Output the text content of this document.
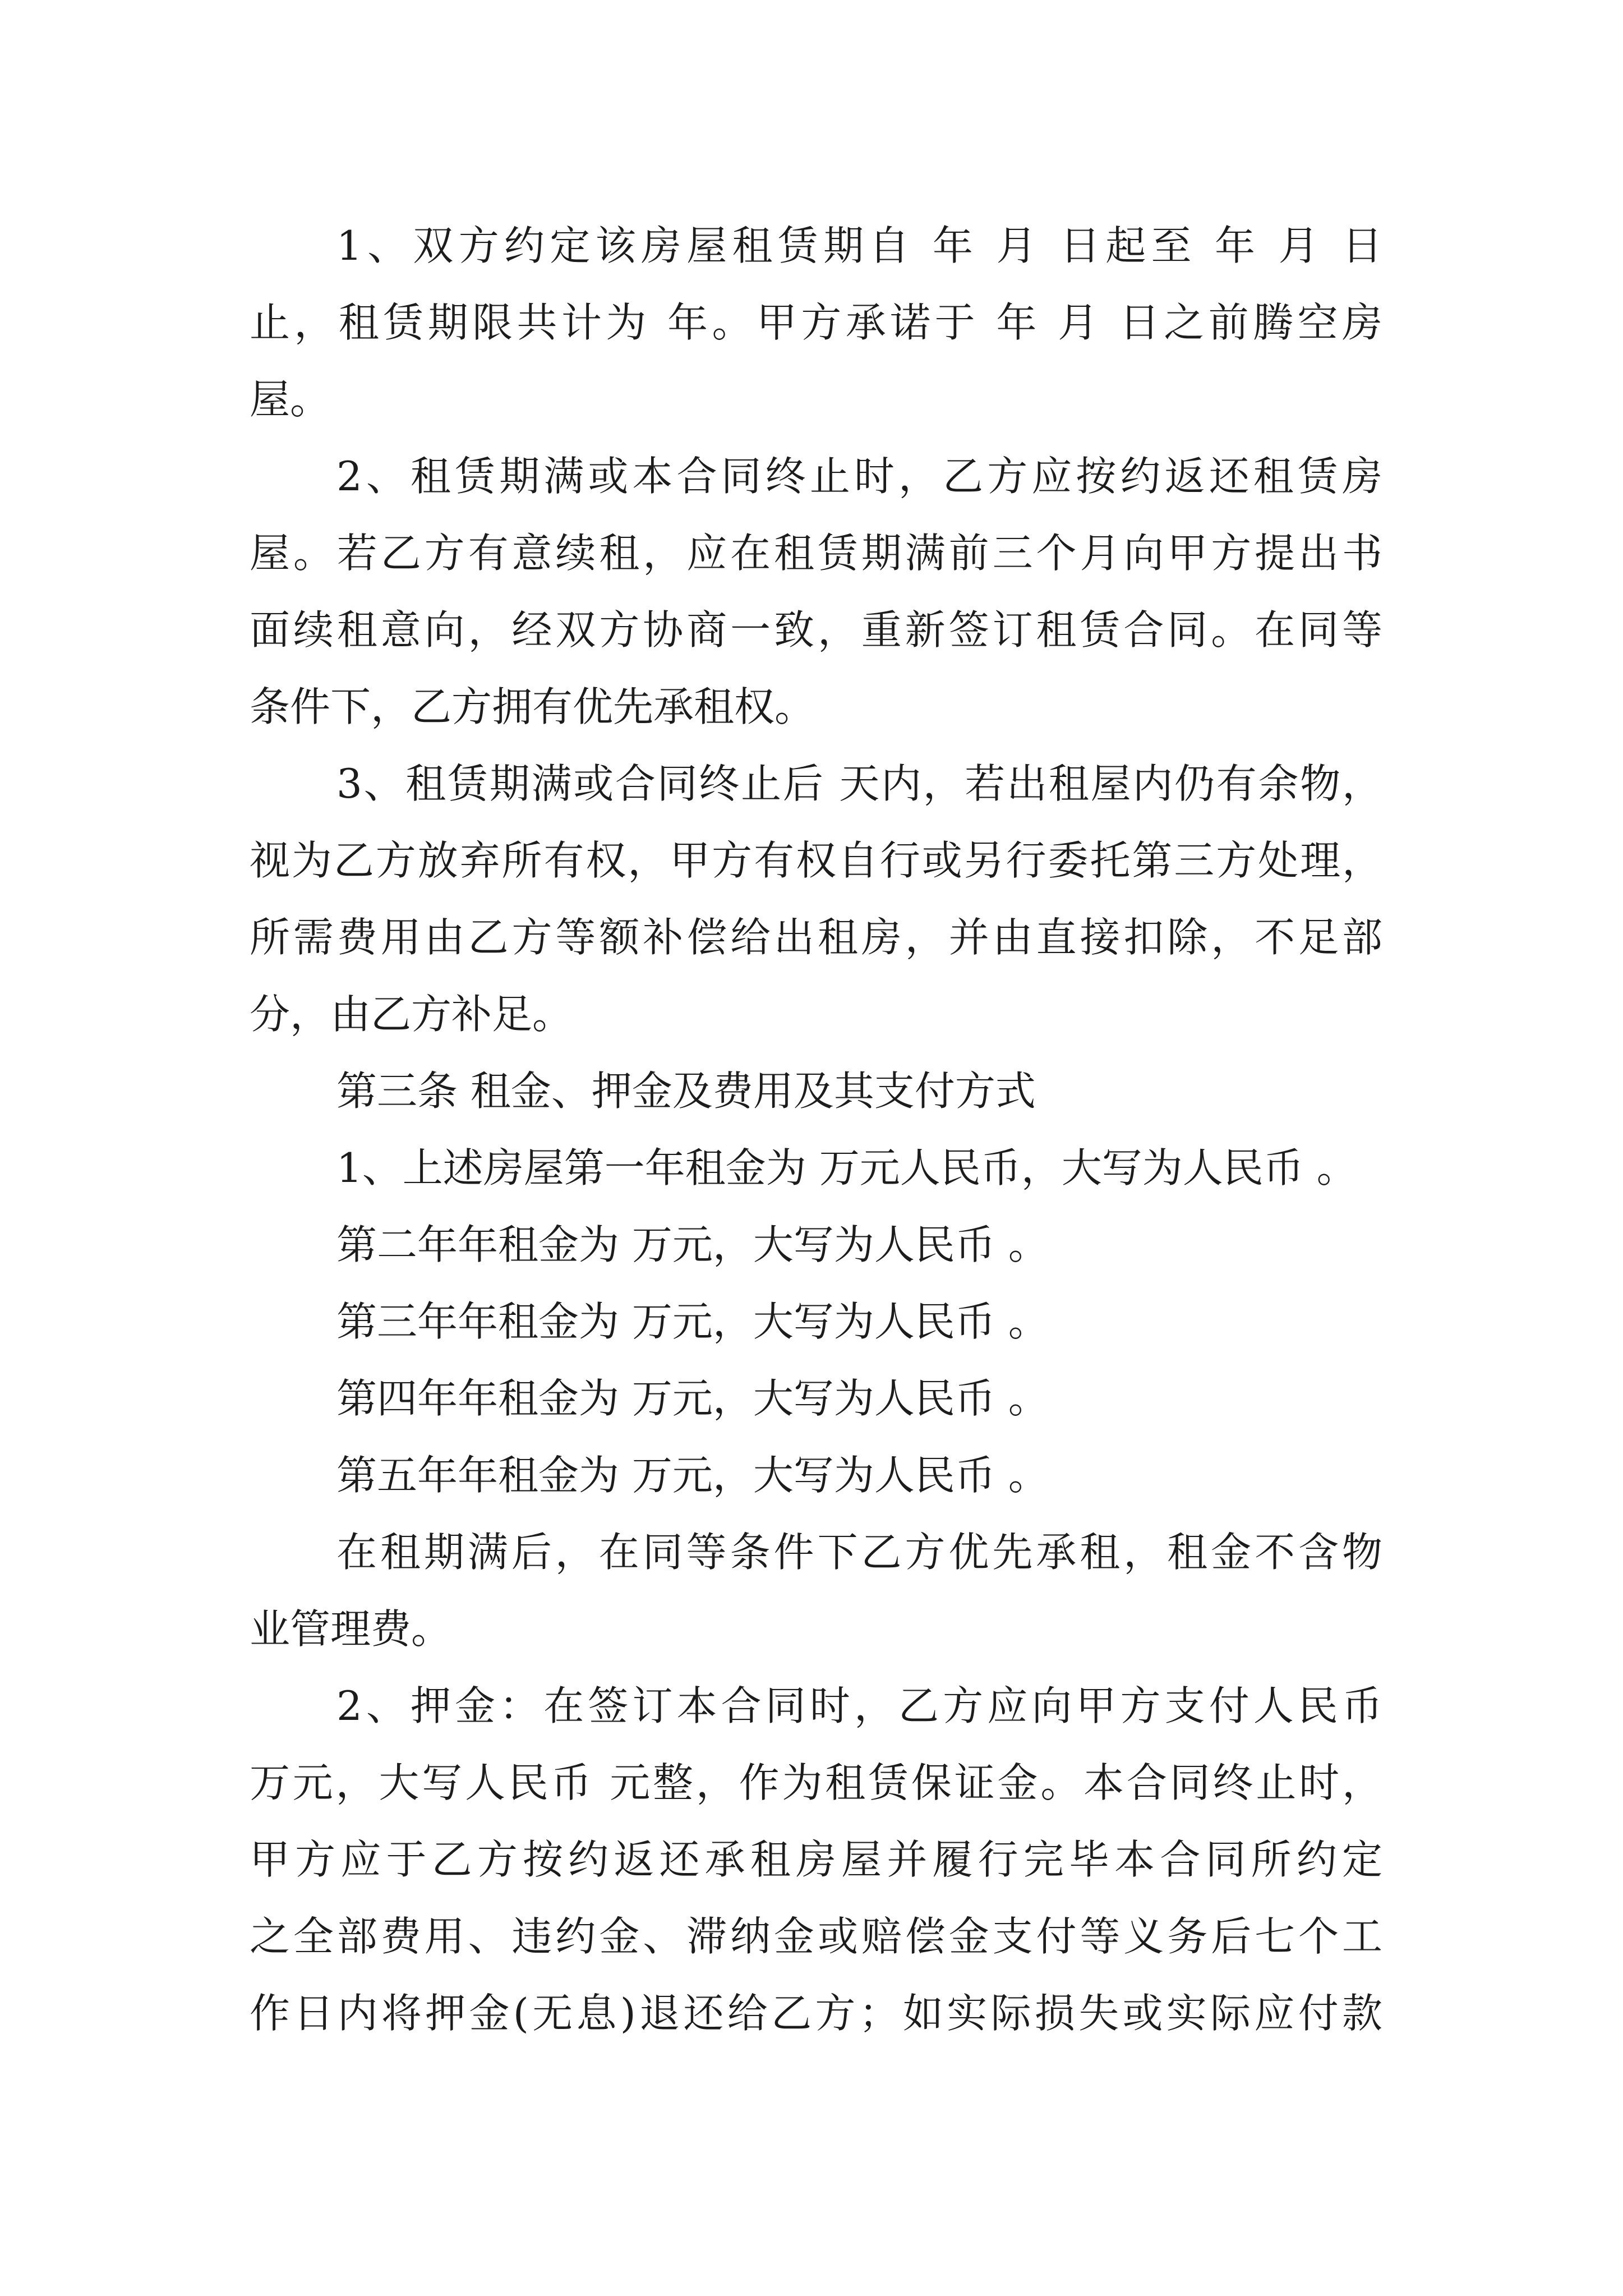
1、双方约定该房屋租赁期自 年 月 日起至 年 月 日
止，租赁期限共计为 年。甲方承诺于 年 月 日之前腾空房
屋。
2、租赁期满或本合同终止时，乙方应按约返还租赁房
屋。若乙方有意续租，应在租赁期满前三个月向甲方提出书
面续租意向，经双方协商一致，重新签订租赁合同。在同等
条件下，乙方拥有优先承租权。
3、租赁期满或合同终止后 天内，若出租屋内仍有余物，
视为乙方放弃所有权，甲方有权自行或另行委托第三方处理，
所需费用由乙方等额补偿给出租房，并由直接扣除，不足部
分，由乙方补足。
第三条 租金、押金及费用及其支付方式
1、上述房屋第一年租金为 万元人民币，大写为人民币 。
第二年年租金为 万元，大写为人民币 。
第三年年租金为 万元，大写为人民币 。
第四年年租金为 万元，大写为人民币 。
第五年年租金为 万元，大写为人民币 。
在租期满后，在同等条件下乙方优先承租，租金不含物
业管理费。
2、押金：在签订本合同时，乙方应向甲方支付人民币
万元，大写人民币 元整，作为租赁保证金。本合同终止时，
甲方应于乙方按约返还承租房屋并履行完毕本合同所约定
之全部费用、违约金、滞纳金或赔偿金支付等义务后七个工
作日内将押金(无息)退还给乙方；如实际损失或实际应付款
